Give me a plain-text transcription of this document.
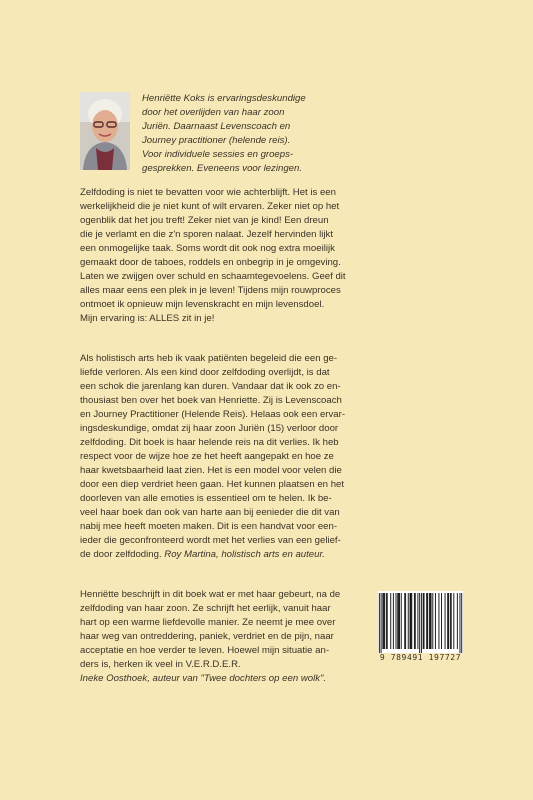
Henriëtte Koks is ervaringsdeskundige
door het overlijden van haar zoon
Juriën. Daarnaast Levenscoach en
Journey practitioner (helende reis).
Voor individuele sessies en groeps-
gesprekken. Eveneens voor lezingen.

Zelfdoding is niet te bevatten voor wie achterblijft. Het is een
werkelijkheid die je niet kunt of wilt ervaren. Zeker niet op het
ogenblik dat het jou treft! Zeker niet van je kind! Een dreun
die je verlamt en die z'n sporen nalaat. Jezelf hervinden lijkt
een onmogelijke taak. Soms wordt dit ook nog extra moeilijk
gemaakt door de taboes, roddels en onbegrip in je omgeving.
Laten we zwijgen over schuld en schaamtegevoelens. Geef dit
alles maar eens een plek in je leven! Tijdens mijn rouwproces
ontmoet ik opnieuw mijn levenskracht en mijn levensdoel.
Mijn ervaring is: ALLES zit in je!

Als holistisch arts heb ik vaak patiënten begeleid die een ge-
liefde verloren. Als een kind door zelfdoding overlijdt, is dat
een schok die jarenlang kan duren. Vandaar dat ik ook zo en-
thousiast ben over het boek van Henriette. Zij is Levenscoach
en Journey Practitioner (Helende Reis). Helaas ook een ervar-
ingsdeskundige, omdat zij haar zoon Juriën (15) verloor door
zelfdoding. Dit boek is haar helende reis na dit verlies. Ik heb
respect voor de wijze hoe ze het heeft aangepakt en hoe ze
haar kwetsbaarheid laat zien. Het is een model voor velen die
door een diep verdriet heen gaan. Het kunnen plaatsen en het
doorleven van alle emoties is essentieel om te helen. Ik be-
veel haar boek dan ook van harte aan bij eenieder die dit van
nabij mee heeft moeten maken. Dit is een handvat voor een-
ieder die geconfronteerd wordt met het verlies van een gelief-
de door zelfdoding. Roy Martina, holistisch arts en auteur.

Henriëtte beschrijft in dit boek wat er met haar gebeurt, na de
zelfdoding van haar zoon. Ze schrijft het eerlijk, vanuit haar
hart op een warme liefdevolle manier. Ze neemt je mee over
haar weg van ontreddering, paniek, verdriet en de pijn, naar
acceptatie en hoe verder te leven. Hoewel mijn situatie an-
ders is, herken ik veel in V.E.R.D.E.R.
Ineke Oosthoek, auteur van "Twee dochters op een wolk".

9 789491 197727
